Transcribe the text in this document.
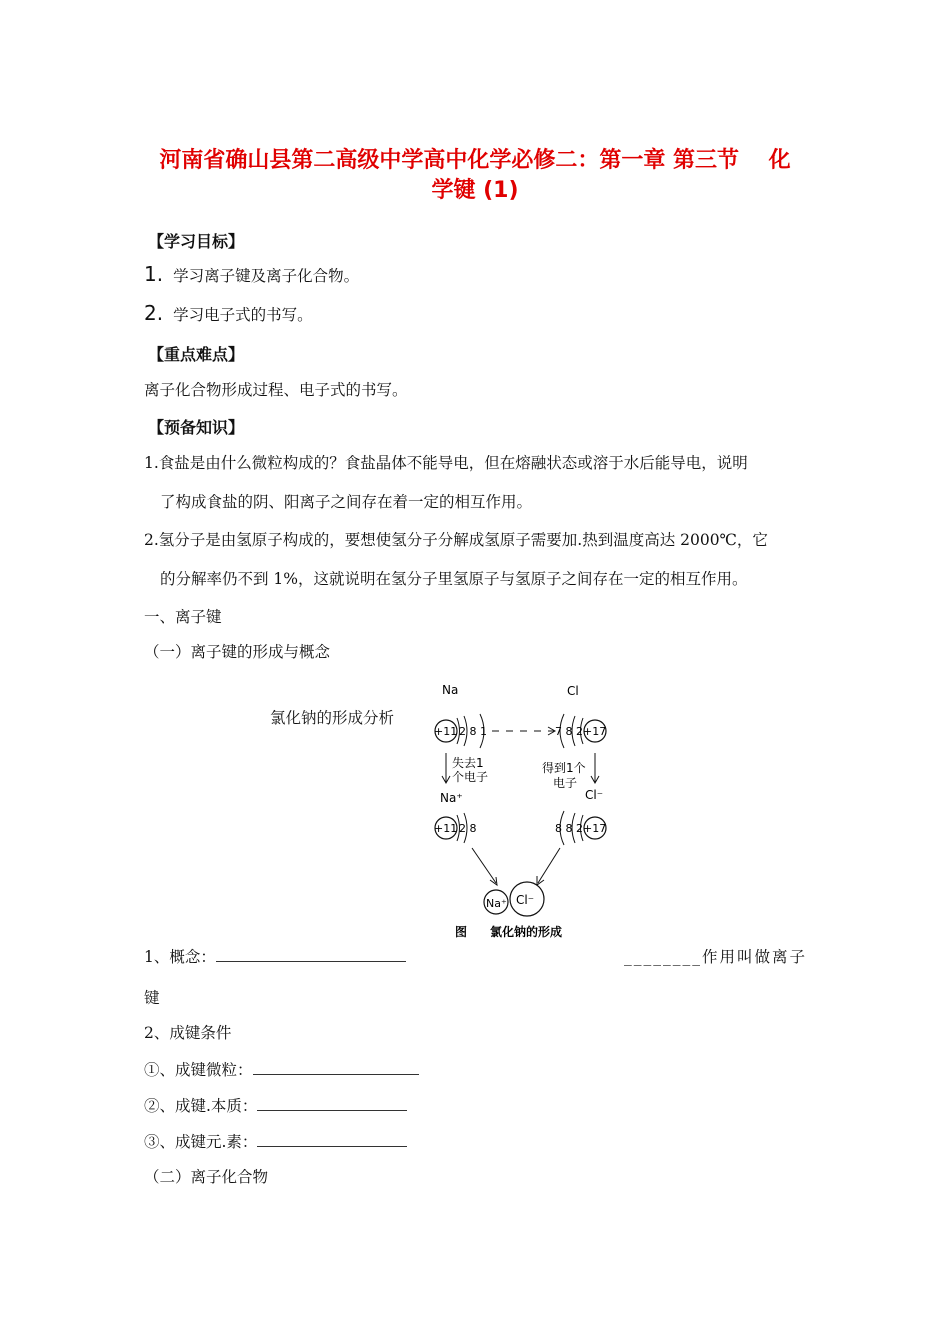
河南省确山县第二高级中学高中化学必修二：第一章 第三节　 化
学键 (1)
【学习目标】
1. 学习离子键及离子化合物。
2. 学习电子式的书写。
【重点难点】
离子化合物形成过程、电子式的书写。
【预备知识】
1.食盐是由什么微粒构成的？食盐晶体不能导电，但在熔融状态或溶于水后能导电，说明
了构成食盐的阴、阳离子之间存在着一定的相互作用。
2.氢分子是由氢原子构成的，要想使氢分子分解成氢原子需要加.热到温度高达 2000℃，它
的分解率仍不到 1%，这就说明在氢分子里氢原子与氢原子之间存在一定的相互作用。
一、离子键
（一）离子键的形成与概念
氯化钠的形成分析
Na	Cl
+11 2 8 1	7 8 2 +17
失去1
个电子
得到1个
电子
Na⁺	Cl⁻
+11 2 8	8 8 2 +17
Na⁺ Cl⁻
图 氯化钠的形成
1、概念：	________作用叫做离子
键
2、成键条件
①、成键微粒：
②、成键.本质：
③、成键元.素：
（二）离子化合物
